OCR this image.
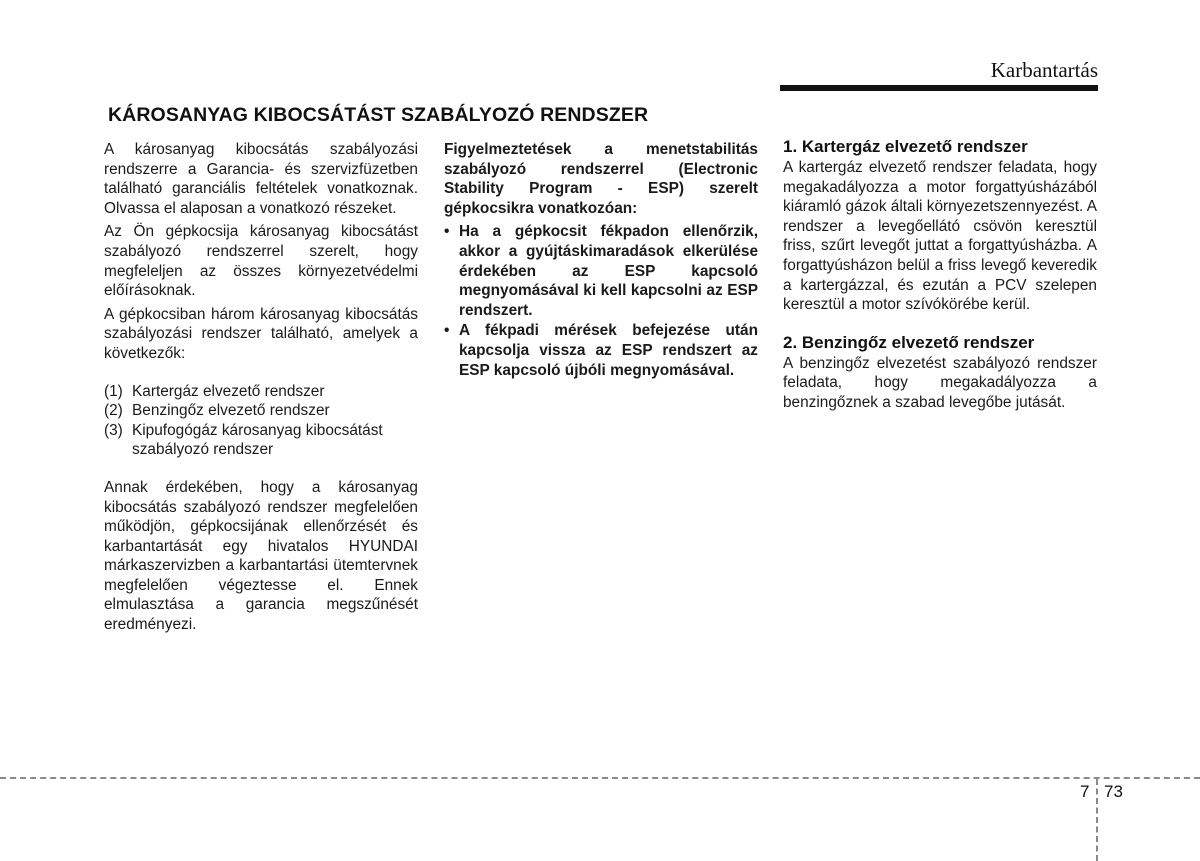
Karbantartás
KÁROSANYAG KIBOCSÁTÁST SZABÁLYOZÓ RENDSZER

A károsanyag kibocsátás szabályozási rendszerre a Garancia- és szervizfüzetben található garanciális feltételek vonatkoznak. Olvassa el alaposan a vonatkozó részeket.

Az Ön gépkocsija károsanyag kibocsátást szabályozó rendszerrel szerelt, hogy megfeleljen az összes környezetvédelmi előírásoknak.

A gépkocsiban három károsanyag kibocsátás szabályozási rendszer található, amelyek a következők:

(1) Kartergáz elvezető rendszer
(2) Benzingőz elvezető rendszer
(3) Kipufogógáz károsanyag kibocsátást szabályozó rendszer

Annak érdekében, hogy a károsanyag kibocsátás szabályozó rendszer megfelelően működjön, gépkocsijának ellenőrzését és karbantartását egy hivatalos HYUNDAI márkaszervizben a karbantartási ütemtervnek megfelelően végeztesse el. Ennek elmulasztása a garancia megszűnését eredményezi.

Figyelmeztetések a menetstabilitás szabályozó rendszerrel (Electronic Stability Program - ESP) szerelt gépkocsikra vonatkozóan:

• Ha a gépkocsit fékpadon ellenőrzik, akkor a gyújtáskimaradások elkerülése érdekében az ESP kapcsoló megnyomásával ki kell kapcsolni az ESP rendszert.
• A fékpadi mérések befejezése után kapcsolja vissza az ESP rendszert az ESP kapcsoló újbóli megnyomásával.
1. Kartergáz elvezető rendszer

A kartergáz elvezető rendszer feladata, hogy megakadályozza a motor forgattyúsházából kiáramló gázok általi környezetszennyezést. A rendszer a levegőellátó csövön keresztül friss, szűrt levegőt juttat a forgattyúsházba. A forgattyúsházon belül a friss levegő keveredik a kartergázzal, és ezután a PCV szelepen keresztül a motor szívókörébe kerül.

2. Benzingőz elvezető rendszer

A benzingőz elvezetést szabályozó rendszer feladata, hogy megakadályozza a benzingőznek a szabad levegőbe jutását.

7 73
